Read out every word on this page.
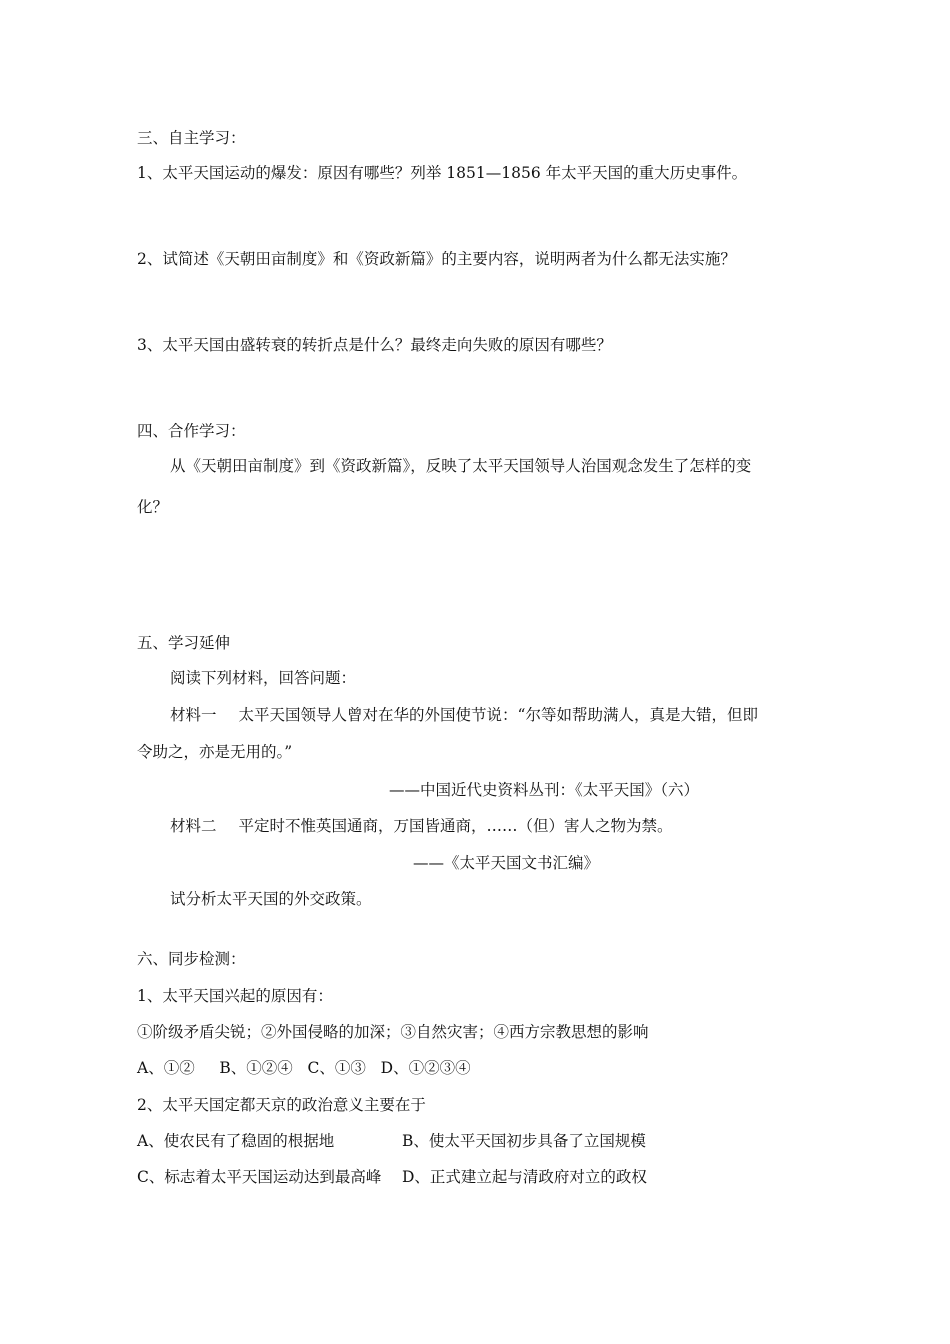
三、自主学习：
1、太平天国运动的爆发：原因有哪些？列举 1851—1856 年太平天国的重大历史事件。
2、试简述《天朝田亩制度》和《资政新篇》的主要内容，说明两者为什么都无法实施？
3、太平天国由盛转衰的转折点是什么？最终走向失败的原因有哪些？
四、合作学习：
从《天朝田亩制度》到《资政新篇》，反映了太平天国领导人治国观念发生了怎样的变
化？
五、学习延伸
阅读下列材料，回答问题：
材料一 太平天国领导人曾对在华的外国使节说：“尔等如帮助满人，真是大错，但即
令助之，亦是无用的。”
——中国近代史资料丛刊：《太平天国》（六）
材料二 平定时不惟英国通商，万国皆通商，……（但）害人之物为禁。
——《太平天国文书汇编》
试分析太平天国的外交政策。
六、同步检测：
1、太平天国兴起的原因有：
①阶级矛盾尖锐；②外国侵略的加深；③自然灾害；④西方宗教思想的影响
A、①②     B、①②④   C、①③   D、①②③④
2、太平天国定都天京的政治意义主要在于
A、使农民有了稳固的根据地	B、使太平天国初步具备了立国规模
C、标志着太平天国运动达到最高峰 D、正式建立起与清政府对立的政权
